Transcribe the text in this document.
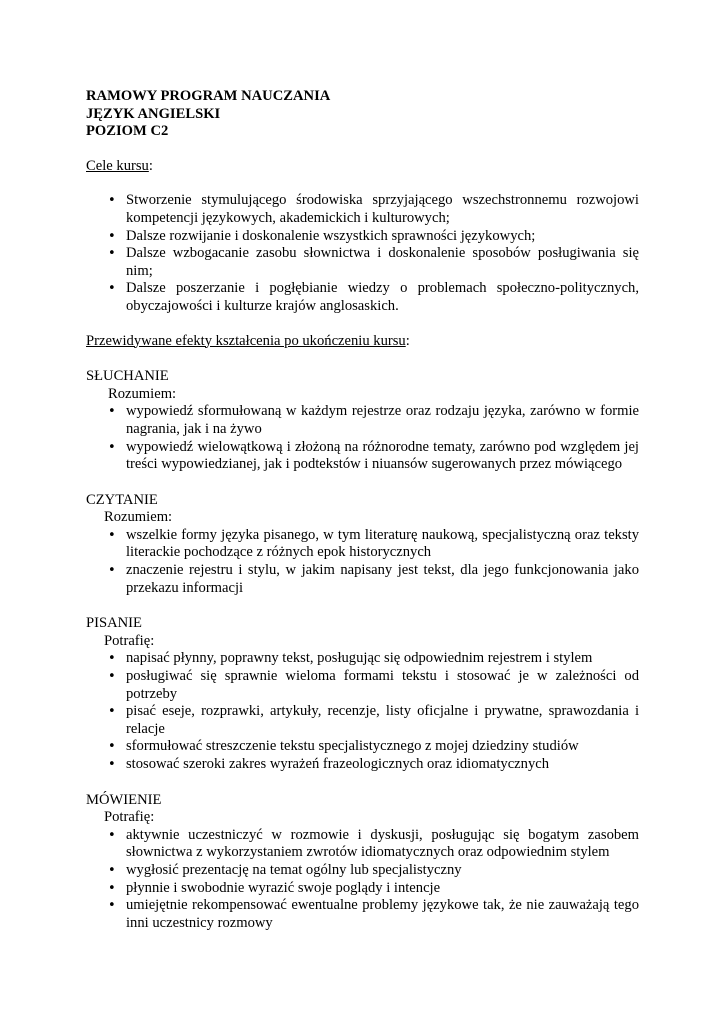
RAMOWY PROGRAM NAUCZANIA

JĘZYK ANGIELSKI

POZIOM C2

Cele kursu:

• Stworzenie stymulującego środowiska sprzyjającego wszechstronnemu rozwojowi kompetencji językowych, akademickich i kulturowych;
• Dalsze rozwijanie i doskonalenie wszystkich sprawności językowych;
• Dalsze wzbogacanie zasobu słownictwa i doskonalenie sposobów posługiwania się nim;
• Dalsze poszerzanie i pogłębianie wiedzy o problemach społeczno-politycznych, obyczajowości i kulturze krajów anglosaskich.

Przewidywane efekty kształcenia po ukończeniu kursu:

SŁUCHANIE

Rozumiem:

• wypowiedź sformułowaną w każdym rejestrze oraz rodzaju języka, zarówno w formie nagrania, jak i na żywo
• wypowiedź wielowątkową i złożoną na różnorodne tematy, zarówno pod względem jej treści wypowiedzianej, jak i podtekstów i niuansów sugerowanych przez mówiącego

CZYTANIE

Rozumiem:

• wszelkie formy języka pisanego, w tym literaturę naukową, specjalistyczną oraz teksty literackie pochodzące z różnych epok historycznych
• znaczenie rejestru i stylu, w jakim napisany jest tekst, dla jego funkcjonowania jako przekazu informacji

PISANIE

Potrafię:

• napisać płynny, poprawny tekst, posługując się odpowiednim rejestrem i stylem
• posługiwać się sprawnie wieloma formami tekstu i stosować je w zależności od potrzeby
• pisać eseje, rozprawki, artykuły, recenzje, listy oficjalne i prywatne, sprawozdania i relacje
• sformułować streszczenie tekstu specjalistycznego z mojej dziedziny studiów
• stosować szeroki zakres wyrażeń frazeologicznych oraz idiomatycznych

MÓWIENIE

Potrafię:

• aktywnie uczestniczyć w rozmowie i dyskusji, posługując się bogatym zasobem słownictwa z wykorzystaniem zwrotów idiomatycznych oraz odpowiednim stylem
• wygłosić prezentację na temat ogólny lub specjalistyczny
• płynnie i swobodnie wyrazić swoje poglądy i intencje
• umiejętnie rekompensować ewentualne problemy językowe tak, że nie zauważają tego inni uczestnicy rozmowy
